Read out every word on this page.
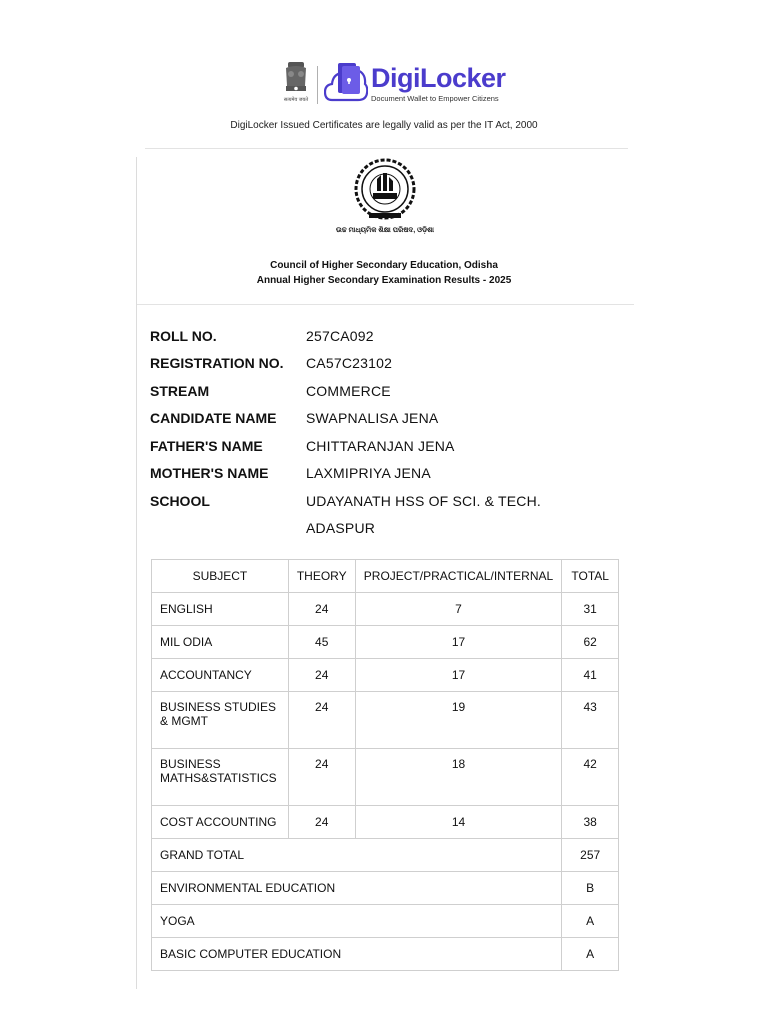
सत्यमेव जयते
DigiLocker
Document Wallet to Empower Citizens
DigiLocker Issued Certificates are legally valid as per the IT Act, 2000
ଉଚ୍ଚ ମାଧ୍ୟମିକ ଶିକ୍ଷା ପରିଷଦ, ଓଡ଼ିଶା
Council of Higher Secondary Education, Odisha
Annual Higher Secondary Examination Results - 2025
ROLL NO.	257CA092
REGISTRATION NO.	CA57C23102
STREAM	COMMERCE
CANDIDATE NAME	SWAPNALISA JENA
FATHER'S NAME	CHITTARANJAN JENA
MOTHER'S NAME	LAXMIPRIYA JENA
SCHOOL	UDAYANATH HSS OF SCI. & TECH.
ADASPUR
SUBJECT	THEORY	PROJECT/PRACTICAL/INTERNAL	TOTAL
ENGLISH	24	7	31
MIL ODIA	45	17	62
ACCOUNTANCY	24	17	41
BUSINESS STUDIES & MGMT	24	19	43
BUSINESS MATHS&STATISTICS	24	18	42
COST ACCOUNTING	24	14	38
GRAND TOTAL			257
ENVIRONMENTAL EDUCATION			B
YOGA			A
BASIC COMPUTER EDUCATION			A
